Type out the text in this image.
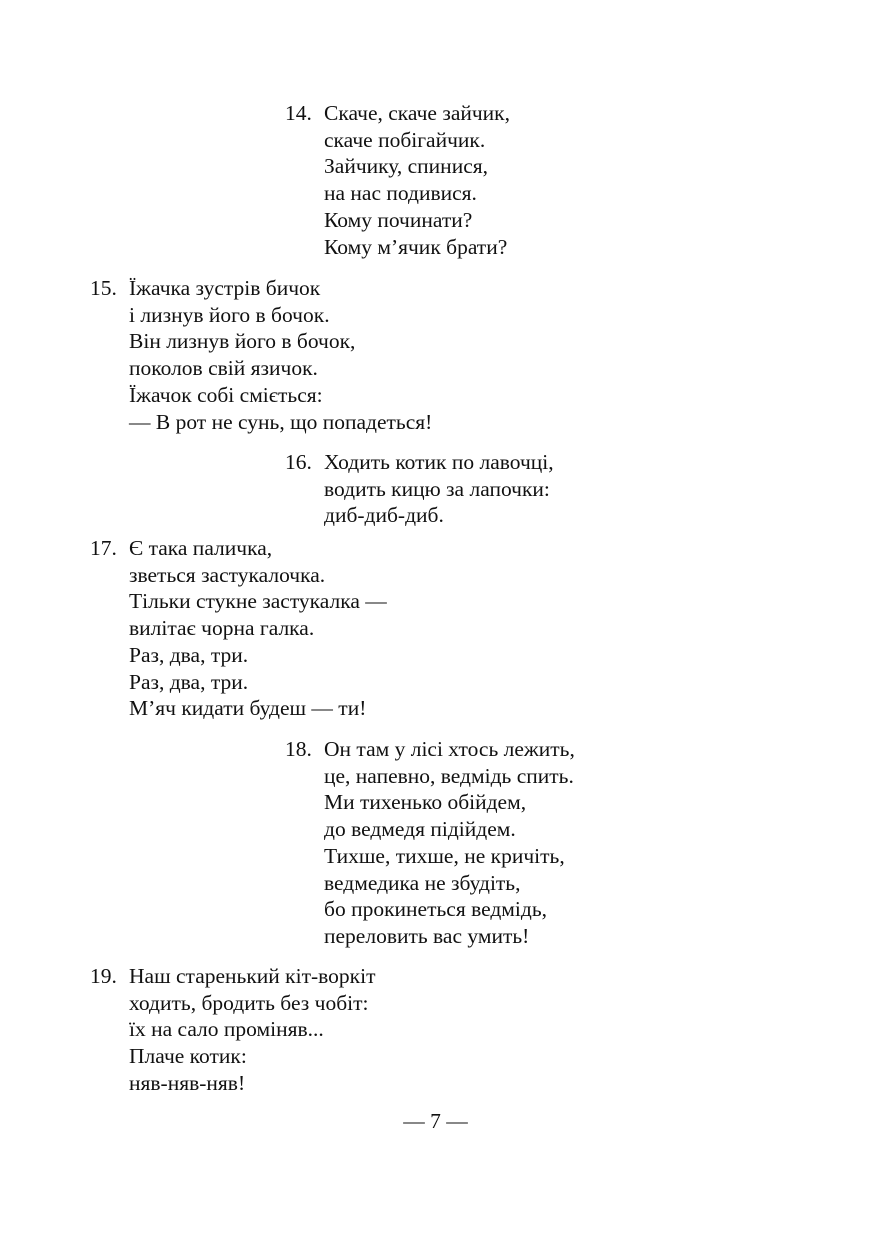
14. Скаче, скаче зайчик,
скаче побігайчик.
Зайчику, спинися,
на нас подивися.
Кому починати?
Кому м’ячик брати?
15. Їжачка зустрів бичок
і лизнув його в бочок.
Він лизнув його в бочок,
поколов свій язичок.
Їжачок собі сміється:
— В рот не сунь, що попадеться!
16. Ходить котик по лавочці,
водить кицю за лапочки:
диб-диб-диб.
17. Є така паличка,
зветься застукалочка.
Тільки стукне застукалка —
вилітає чорна галка.
Раз, два, три.
Раз, два, три.
М’яч кидати будеш — ти!
18. Он там у лісі хтось лежить,
це, напевно, ведмідь спить.
Ми тихенько обійдем,
до ведмедя підійдем.
Тихше, тихше, не кричіть,
ведмедика не збудіть,
бо прокинеться ведмідь,
переловить вас умить!
19. Наш старенький кіт-воркіт
ходить, бродить без чобіт:
їх на сало проміняв...
Плаче котик:
няв-няв-няв!
— 7 —
